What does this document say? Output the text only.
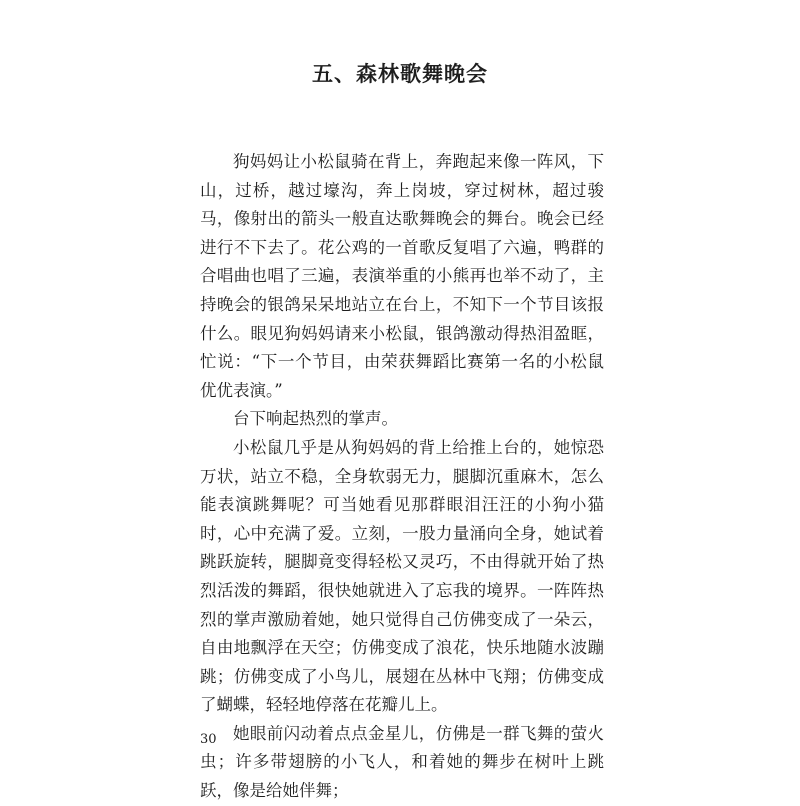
五、森林歌舞晚会

狗妈妈让小松鼠骑在背上，奔跑起来像一阵风，下山，过桥，越过壕沟，奔上岗坡，穿过树林，超过骏马，像射出的箭头一般直达歌舞晚会的舞台。晚会已经进行不下去了。花公鸡的一首歌反复唱了六遍，鸭群的合唱曲也唱了三遍，表演举重的小熊再也举不动了，主持晚会的银鸽呆呆地站立在台上，不知下一个节目该报什么。眼见狗妈妈请来小松鼠，银鸽激动得热泪盈眶，忙说：“下一个节目，由荣获舞蹈比赛第一名的小松鼠优优表演。”

台下响起热烈的掌声。

小松鼠几乎是从狗妈妈的背上给推上台的，她惊恐万状，站立不稳，全身软弱无力，腿脚沉重麻木，怎么能表演跳舞呢？可当她看见那群眼泪汪汪的小狗小猫时，心中充满了爱。立刻，一股力量涌向全身，她试着跳跃旋转，腿脚竟变得轻松又灵巧，不由得就开始了热烈活泼的舞蹈，很快她就进入了忘我的境界。一阵阵热烈的掌声激励着她，她只觉得自己仿佛变成了一朵云，自由地飘浮在天空；仿佛变成了浪花，快乐地随水波蹦跳；仿佛变成了小鸟儿，展翅在丛林中飞翔；仿佛变成了蝴蝶，轻轻地停落在花瓣儿上。

她眼前闪动着点点金星儿，仿佛是一群飞舞的萤火虫；许多带翅膀的小飞人，和着她的舞步在树叶上跳跃，像是给她伴舞；

30
